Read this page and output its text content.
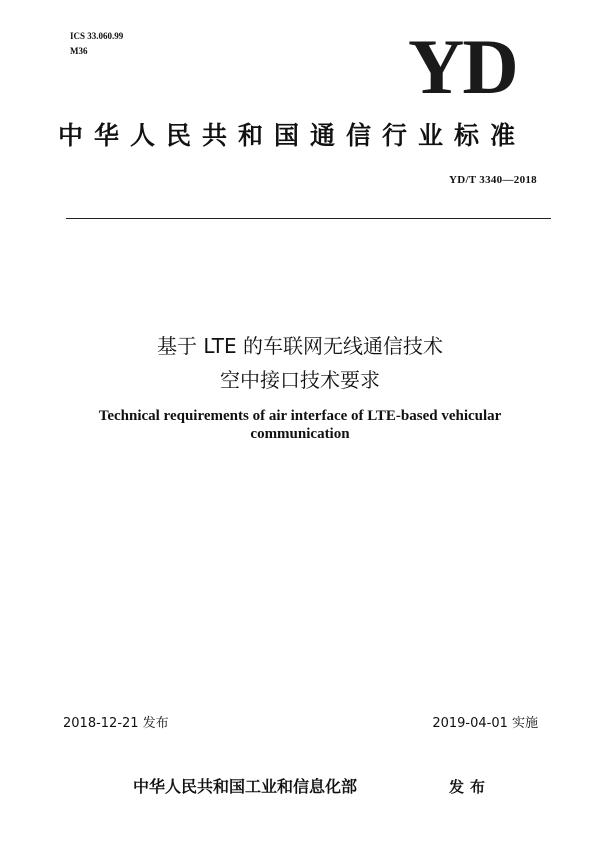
ICS 33.060.99
M36	YD
中华人民共和国通信行业标准
YD/T 3340—2018
基于 LTE 的车联网无线通信技术
空中接口技术要求
Technical requirements of air interface of LTE-based vehicular communication
2018-12-21 发布	2019-04-01 实施
中华人民共和国工业和信息化部	发布
